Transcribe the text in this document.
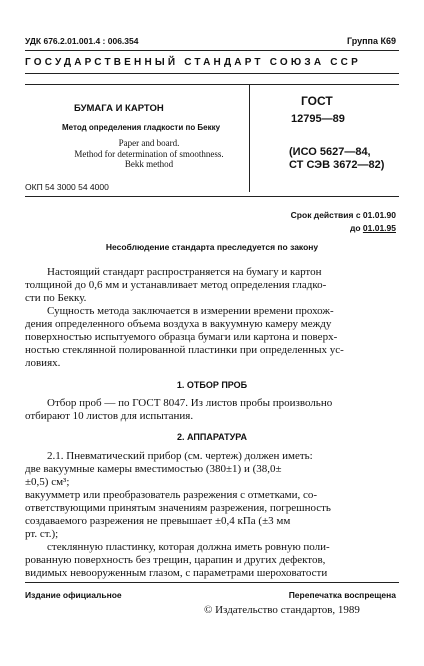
УДК 676.2.01.001.4 : 006.354	Группа К69
ГОСУДАРСТВЕННЫЙ СТАНДАРТ СОЮЗА ССР
БУМАГА И КАРТОН
Метод определения гладкости по Бекку
Paper and board.
Method for determination of smoothness.
Bekk method
ГОСТ
12795—89
(ИСО 5627—84,
СТ СЭВ 3672—82)
ОКП 54 3000 54 4000
Срок действия с 01.01.90
до 01.01.95
Несоблюдение стандарта преследуется по закону
Настоящий стандарт распространяется на бумагу и картон
толщиной до 0,6 мм и устанавливает метод определения гладко-
сти по Бекку.
Сущность метода заключается в измерении времени прохож-
дения определенного объема воздуха в вакуумную камеру между
поверхностью испытуемого образца бумаги или картона и поверх-
ностью стеклянной полированной пластинки при определенных ус-
ловиях.
1. ОТБОР ПРОБ
Отбор проб — по ГОСТ 8047. Из листов пробы произвольно
отбирают 10 листов для испытания.
2. АППАРАТУРА
2.1. Пневматический прибор (см. чертеж) должен иметь:
две вакуумные камеры вместимостью (380±1) и (38,0±
±0,5) см³;
вакуумметр или преобразователь разрежения с отметками, со-
ответствующими принятым значениям разрежения, погрешность
создаваемого разрежения не превышает ±0,4 кПа (±3 мм
рт. ст.);
стеклянную пластинку, которая должна иметь ровную поли-
рованную поверхность без трещин, царапин и других дефектов,
видимых невооруженным глазом, с параметрами шероховатости
Издание официальное	Перепечатка воспрещена
© Издательство стандартов, 1989
